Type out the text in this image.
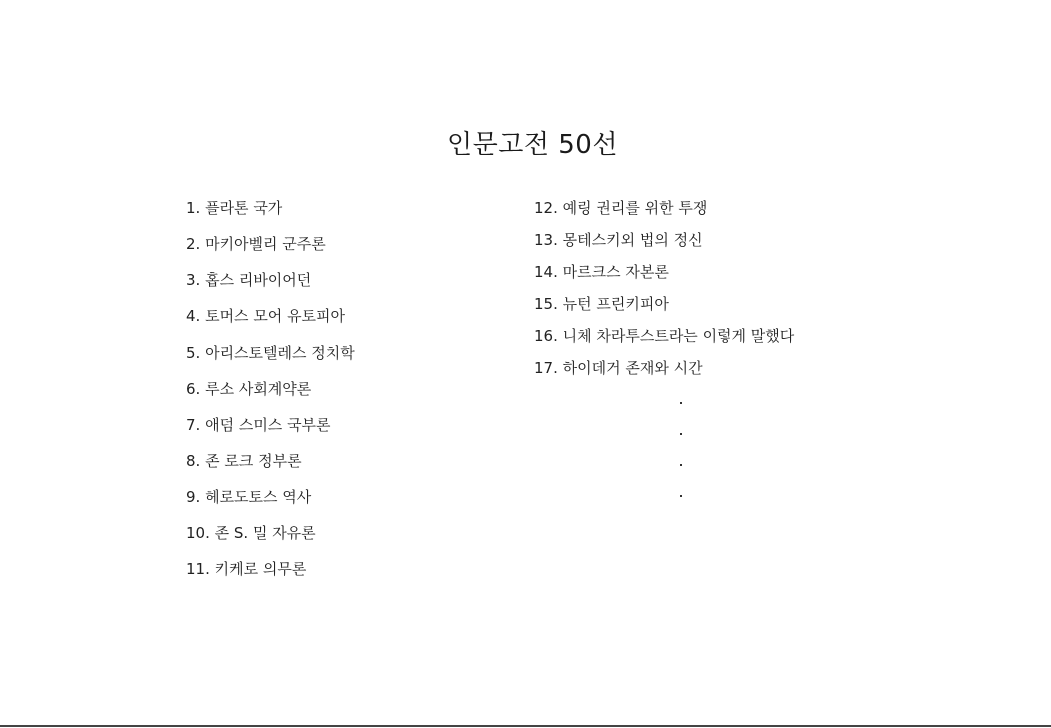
인문고전 50선
1. 플라톤 국가
2. 마키아벨리 군주론
3. 홉스 리바이어던
4. 토머스 모어 유토피아
5. 아리스토텔레스 정치학
6. 루소 사회계약론
7. 애덤 스미스 국부론
8. 존 로크 정부론
9. 헤로도토스 역사
10. 존 S. 밀 자유론
11. 키케로 의무론
12. 예링 권리를 위한 투쟁
13. 몽테스키외 법의 정신
14. 마르크스 자본론
15. 뉴턴 프린키피아
16. 니체 차라투스트라는 이렇게 말했다
17. 하이데거 존재와 시간
